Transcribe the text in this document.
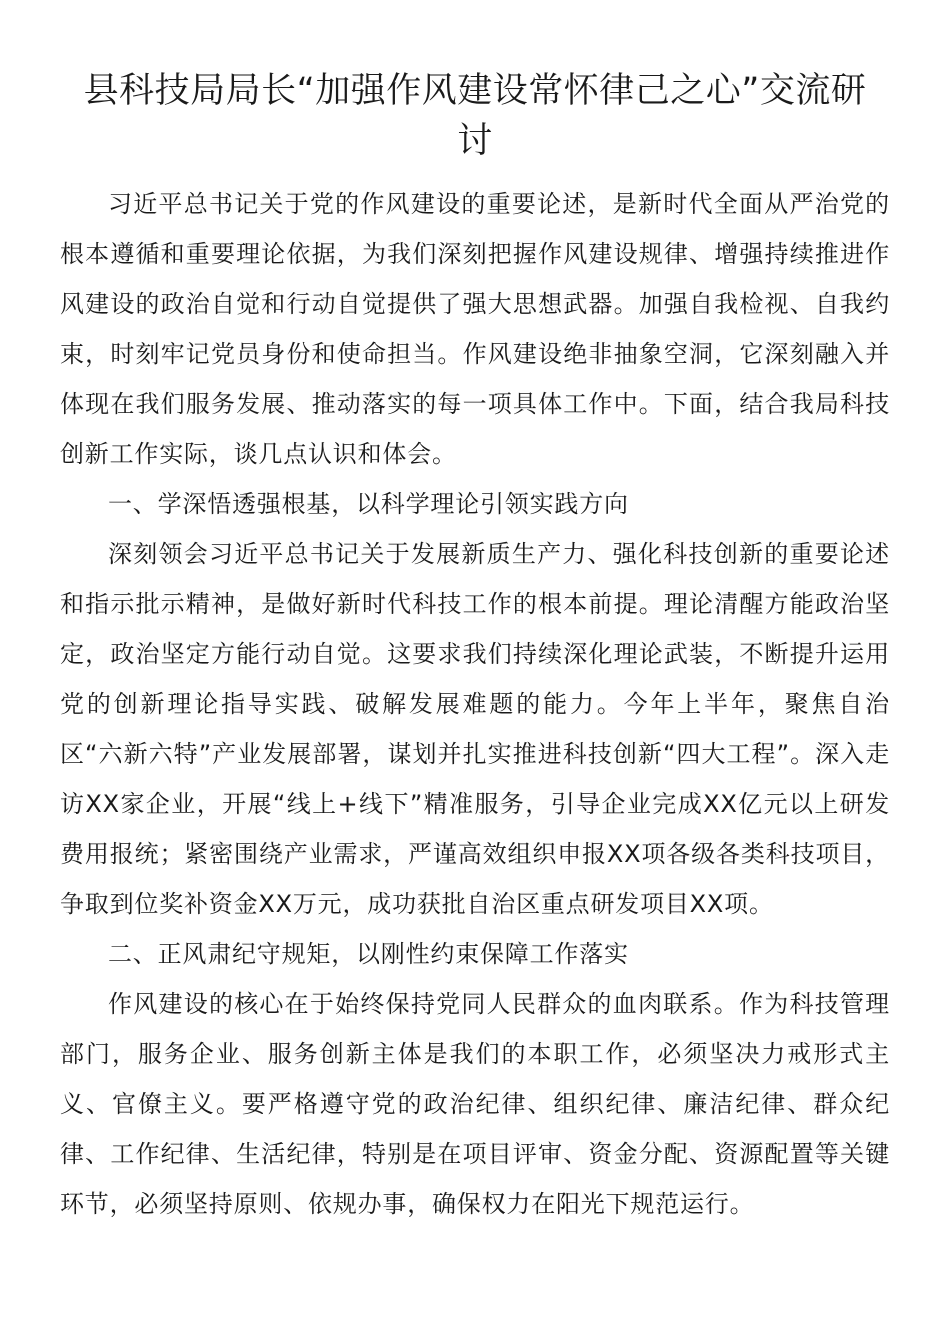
县科技局局长“加强作风建设常怀律己之心”交流研讨

习近平总书记关于党的作风建设的重要论述，是新时代全面从严治党的根本遵循和重要理论依据，为我们深刻把握作风建设规律、增强持续推进作风建设的政治自觉和行动自觉提供了强大思想武器。加强自我检视、自我约束，时刻牢记党员身份和使命担当。作风建设绝非抽象空洞，它深刻融入并体现在我们服务发展、推动落实的每一项具体工作中。下面，结合我局科技创新工作实际，谈几点认识和体会。

一、学深悟透强根基，以科学理论引领实践方向

深刻领会习近平总书记关于发展新质生产力、强化科技创新的重要论述和指示批示精神，是做好新时代科技工作的根本前提。理论清醒方能政治坚定，政治坚定方能行动自觉。这要求我们持续深化理论武装，不断提升运用党的创新理论指导实践、破解发展难题的能力。今年上半年，聚焦自治区“六新六特”产业发展部署，谋划并扎实推进科技创新“四大工程”。深入走访XX家企业，开展“线上+线下”精准服务，引导企业完成XX亿元以上研发费用报统；紧密围绕产业需求，严谨高效组织申报XX项各级各类科技项目，争取到位奖补资金XX万元，成功获批自治区重点研发项目XX项。

二、正风肃纪守规矩，以刚性约束保障工作落实

作风建设的核心在于始终保持党同人民群众的血肉联系。作为科技管理部门，服务企业、服务创新主体是我们的本职工作，必须坚决力戒形式主义、官僚主义。要严格遵守党的政治纪律、组织纪律、廉洁纪律、群众纪律、工作纪律、生活纪律，特别是在项目评审、资金分配、资源配置等关键环节，必须坚持原则、依规办事，确保权力在阳光下规范运行。
